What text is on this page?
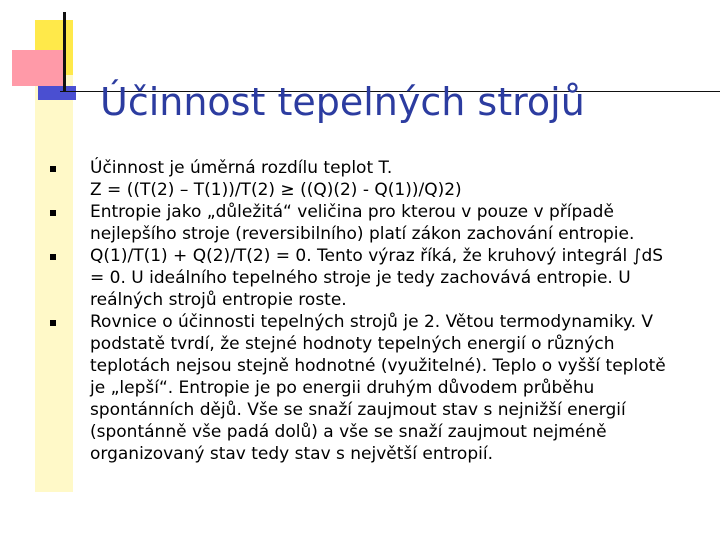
Účinnost tepelných strojů
Účinnost je úměrná rozdílu teplot T.
Ζ = ((T(2) – T(1))/T(2) ≥ ((Q)(2) - Q(1))/Q)2)
Entropie jako „důležitá“ veličina pro kterou v pouze v případě
nejlepšího stroje (reversibilního) platí zákon zachování entropie.
Q(1)/T(1) + Q(2)/T(2) = 0. Tento výraz říká, že kruhový integrál ∫dS
= 0. U ideálního tepelného stroje je tedy zachovává entropie. U
reálných strojů entropie roste.
Rovnice o účinnosti tepelných strojů je 2. Větou termodynamiky. V
podstatě tvrdí, že stejné hodnoty tepelných energií o různých
teplotách nejsou stejně hodnotné (využitelné). Teplo o vyšší teplotě
je „lepší“. Entropie je po energii druhým důvodem průběhu
spontánních dějů. Vše se snaží zaujmout stav s nejnižší energií
(spontánně vše padá dolů) a vše se snaží zaujmout nejméně
organizovaný stav tedy stav s největší entropií.
